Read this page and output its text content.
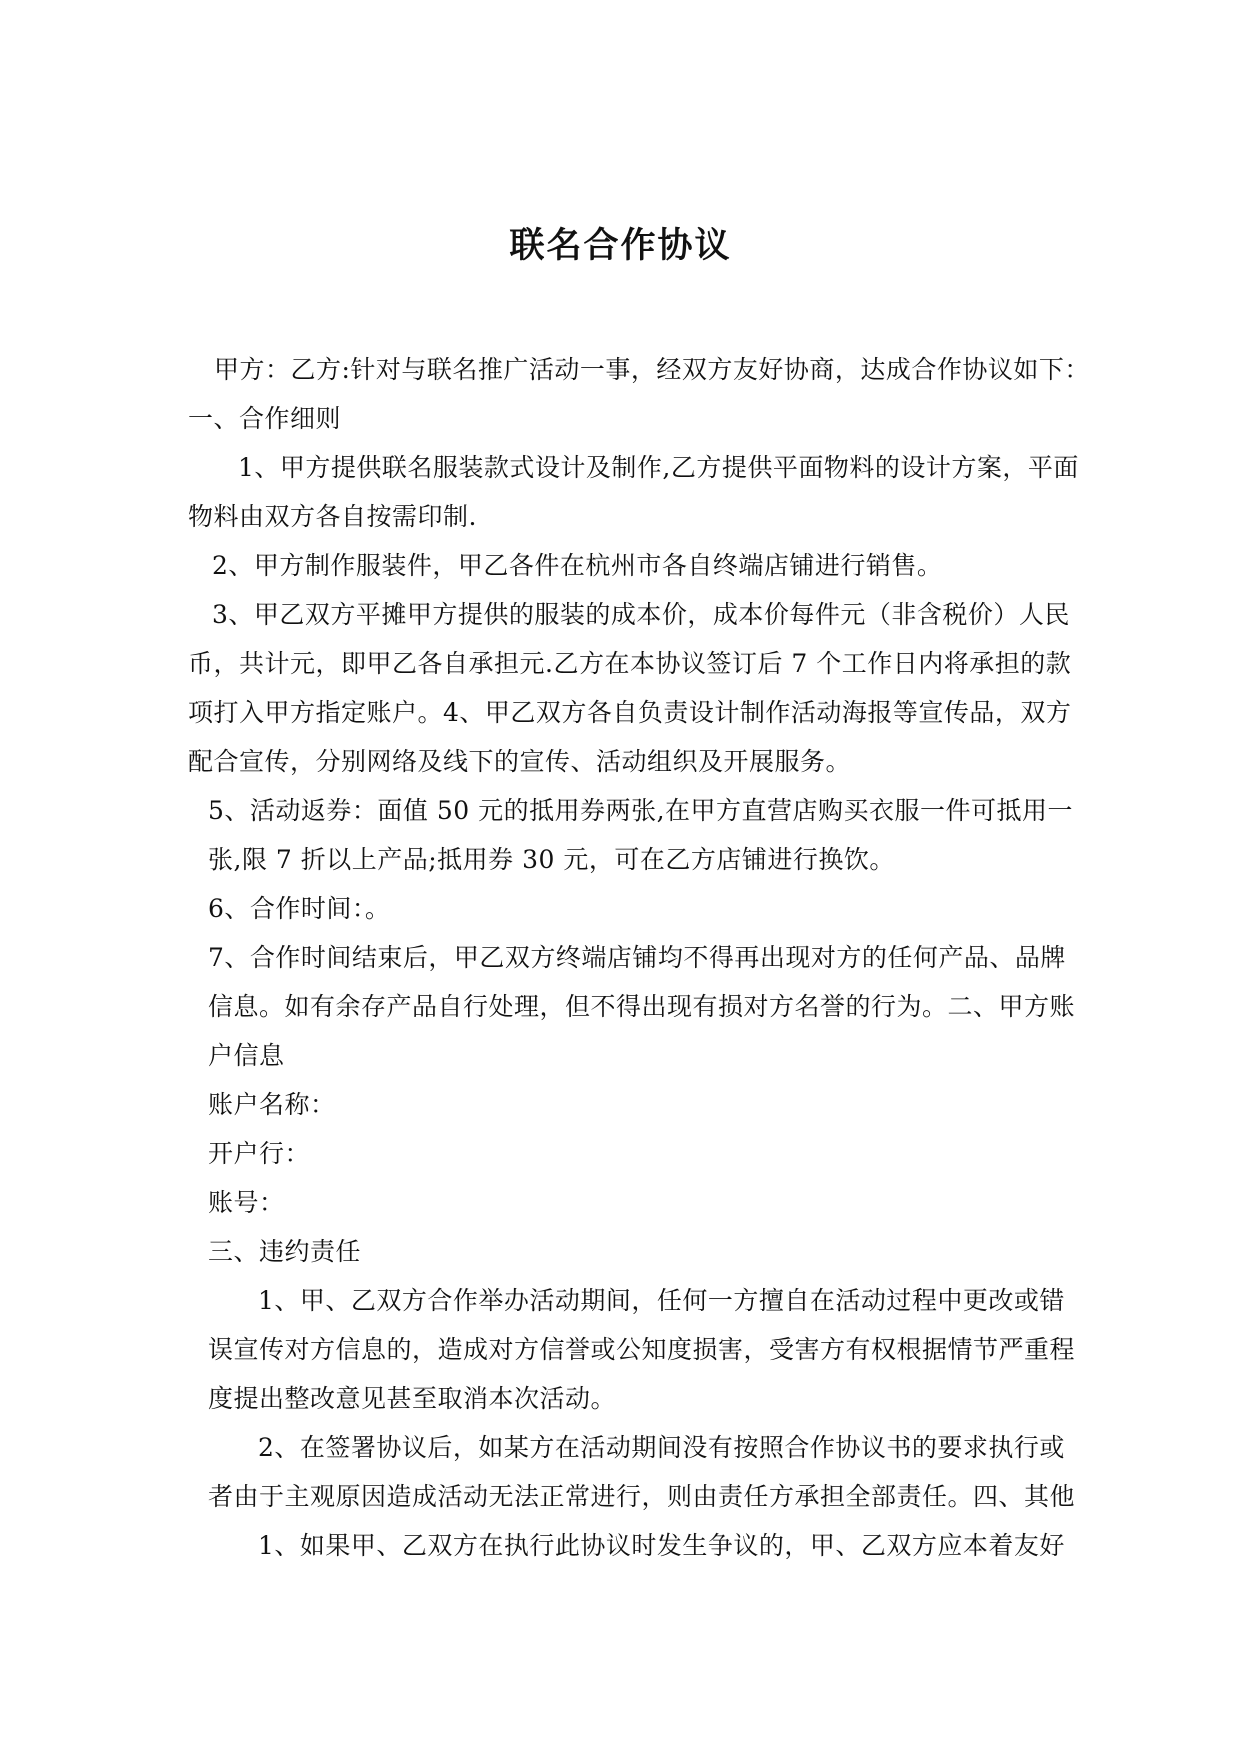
联名合作协议
甲方：乙方:针对与联名推广活动一事，经双方友好协商，达成合作协议如下：
一、合作细则
1、甲方提供联名服装款式设计及制作,乙方提供平面物料的设计方案，平面
物料由双方各自按需印制.
2、甲方制作服装件，甲乙各件在杭州市各自终端店铺进行销售。
3、甲乙双方平摊甲方提供的服装的成本价，成本价每件元（非含税价）人民
币，共计元，即甲乙各自承担元.乙方在本协议签订后 7 个工作日内将承担的款
项打入甲方指定账户。4、甲乙双方各自负责设计制作活动海报等宣传品，双方
配合宣传，分别网络及线下的宣传、活动组织及开展服务。
5、活动返券：面值 50 元的抵用券两张,在甲方直营店购买衣服一件可抵用一
张,限 7 折以上产品;抵用券 30 元，可在乙方店铺进行换饮。
6、合作时间：。
7、合作时间结束后，甲乙双方终端店铺均不得再出现对方的任何产品、品牌
信息。如有余存产品自行处理，但不得出现有损对方名誉的行为。二、甲方账
户信息
账户名称：
开户行：
账号：
三、违约责任
1、甲、乙双方合作举办活动期间，任何一方擅自在活动过程中更改或错
误宣传对方信息的，造成对方信誉或公知度损害，受害方有权根据情节严重程
度提出整改意见甚至取消本次活动。
2、在签署协议后，如某方在活动期间没有按照合作协议书的要求执行或
者由于主观原因造成活动无法正常进行，则由责任方承担全部责任。四、其他
1、如果甲、乙双方在执行此协议时发生争议的，甲、乙双方应本着友好
